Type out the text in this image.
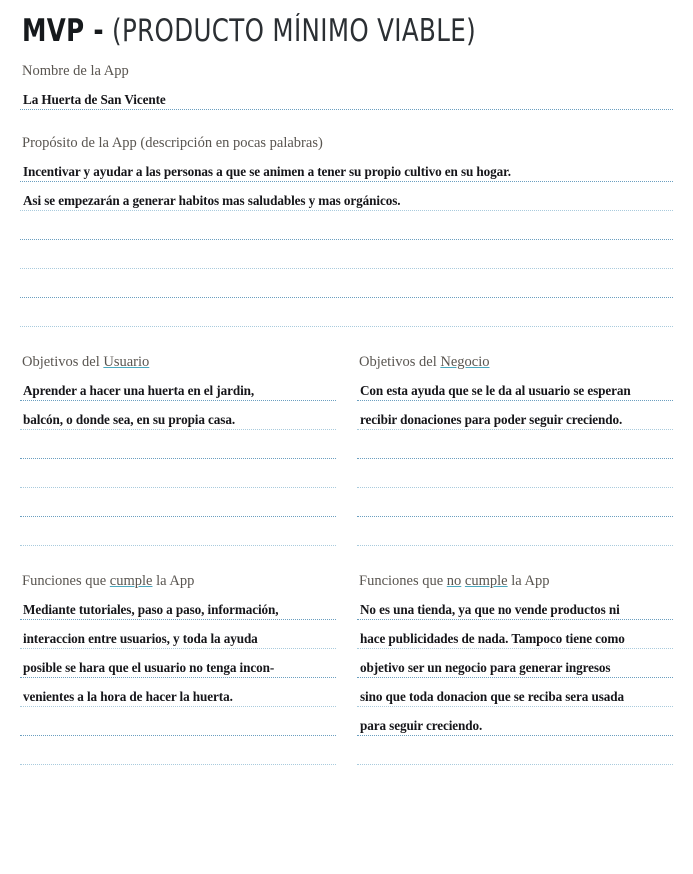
MVP - (PRODUCTO MÍNIMO VIABLE)
Nombre de la App
La Huerta de San Vicente
Propósito de la App (descripción en pocas palabras)
Incentivar y ayudar a las personas a que se animen a tener su propio cultivo en su hogar.
Asi se empezarán a generar habitos mas saludables y mas orgánicos.
Objetivos del Usuario
Aprender a hacer una huerta en el jardin,
balcón, o donde sea, en su propia casa.
Objetivos del Negocio
Con esta ayuda que se le da al usuario se esperan
recibir donaciones para poder seguir creciendo.
Funciones que cumple la App
Mediante tutoriales, paso a paso, información,
interaccion entre usuarios, y toda la ayuda
posible se hara que el usuario no tenga incon-
venientes a la hora de hacer la huerta.
Funciones que no cumple la App
No es una tienda, ya que no vende productos ni
hace publicidades de nada. Tampoco tiene como
objetivo ser un negocio para generar ingresos
sino que toda donacion que se reciba sera usada
para seguir creciendo.
